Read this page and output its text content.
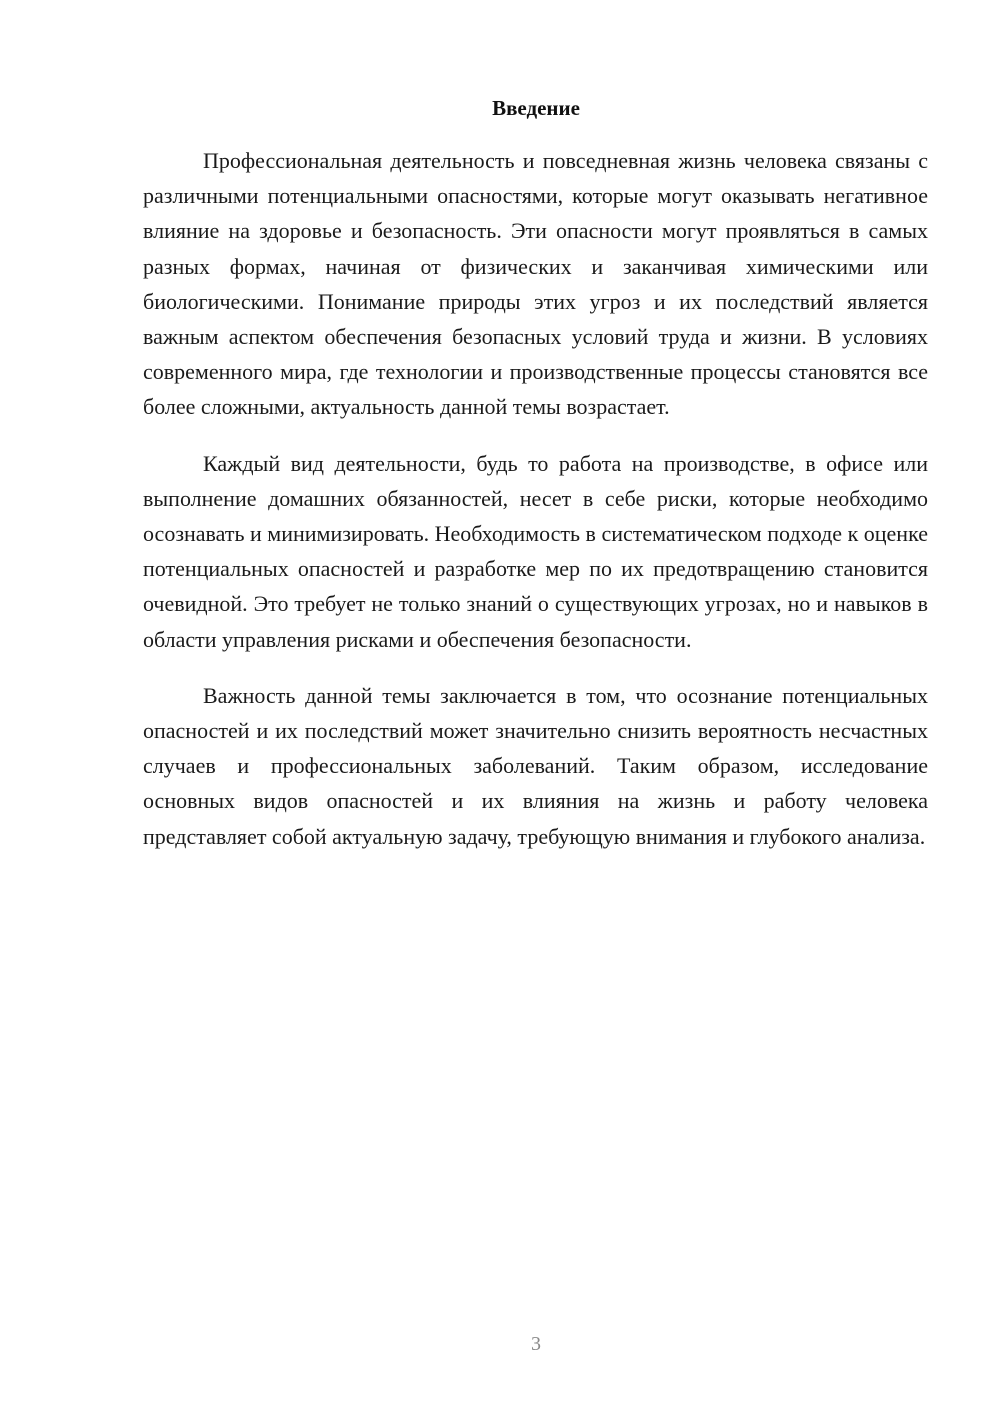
Введение

Профессиональная деятельность и повседневная жизнь человека связаны с различными потенциальными опасностями, которые могут оказывать негативное влияние на здоровье и безопасность. Эти опасности могут проявляться в самых разных формах, начиная от физических и заканчивая химическими или биологическими. Понимание природы этих угроз и их последствий является важным аспектом обеспечения безопасных условий труда и жизни. В условиях современного мира, где технологии и производственные процессы становятся все более сложными, актуальность данной темы возрастает.

Каждый вид деятельности, будь то работа на производстве, в офисе или выполнение домашних обязанностей, несет в себе риски, которые необходимо осознавать и минимизировать. Необходимость в систематическом подходе к оценке потенциальных опасностей и разработке мер по их предотвращению становится очевидной. Это требует не только знаний о существующих угрозах, но и навыков в области управления рисками и обеспечения безопасности.

Важность данной темы заключается в том, что осознание потенциальных опасностей и их последствий может значительно снизить вероятность несчастных случаев и профессиональных заболеваний. Таким образом, исследование основных видов опасностей и их влияния на жизнь и работу человека представляет собой актуальную задачу, требующую внимания и глубокого анализа.

3
